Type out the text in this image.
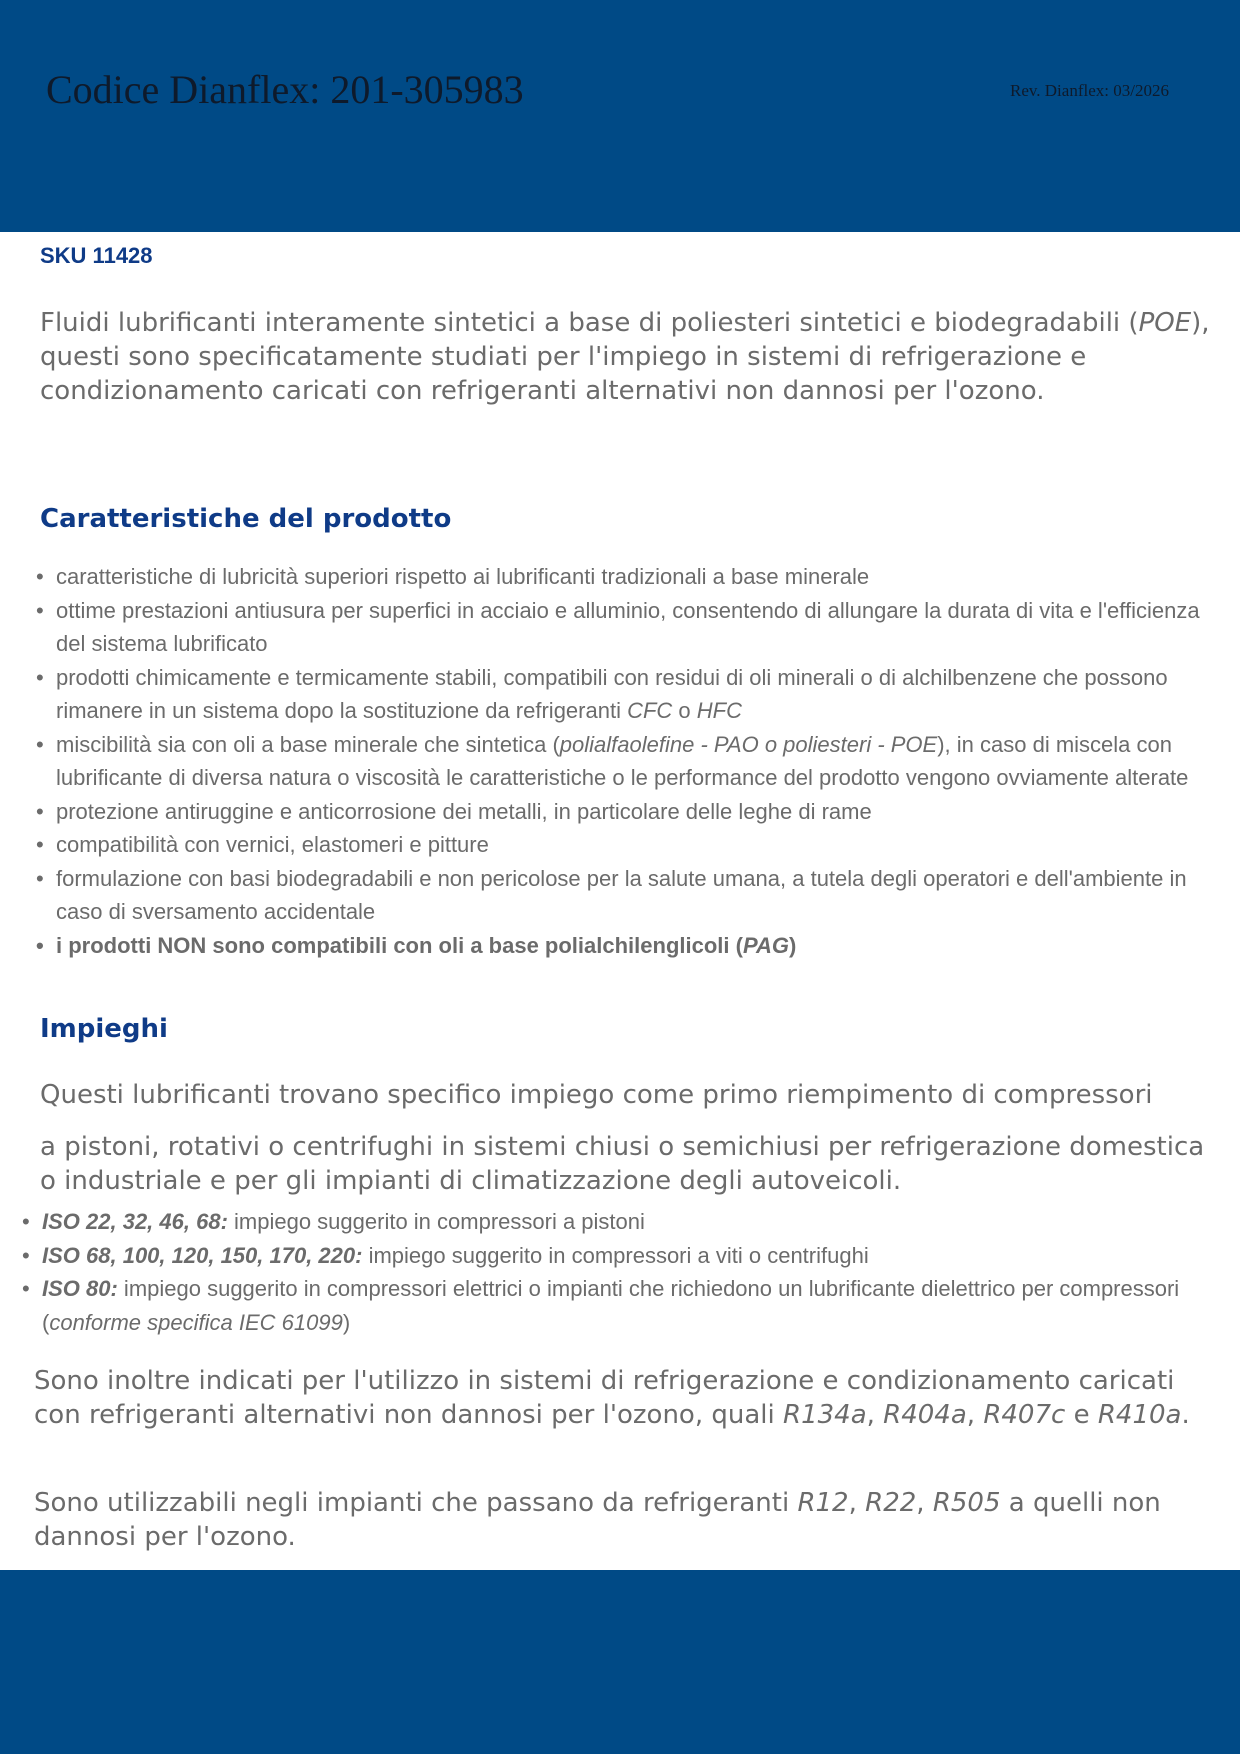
Codice Dianflex: 201-305983	Rev. Dianflex: 03/2026
SKU 11428

Fluidi lubrificanti interamente sintetici a base di poliesteri sintetici e biodegradabili (POE), questi sono specificatamente studiati per l'impiego in sistemi di refrigerazione e condizionamento caricati con refrigeranti alternativi non dannosi per l'ozono.

Caratteristiche del prodotto
• caratteristiche di lubricità superiori rispetto ai lubrificanti tradizionali a base minerale
• ottime prestazioni antiusura per superfici in acciaio e alluminio, consentendo di allungare la durata di vita e l'efficienza del sistema lubrificato
• prodotti chimicamente e termicamente stabili, compatibili con residui di oli minerali o di alchilbenzene che possono rimanere in un sistema dopo la sostituzione da refrigeranti CFC o HFC
• miscibilità sia con oli a base minerale che sintetica (polialfaolefine - PAO o poliesteri - POE), in caso di miscela con lubrificante di diversa natura o viscosità le caratteristiche o le performance del prodotto vengono ovviamente alterate
• protezione antiruggine e anticorrosione dei metalli, in particolare delle leghe di rame
• compatibilità con vernici, elastomeri e pitture
• formulazione con basi biodegradabili e non pericolose per la salute umana, a tutela degli operatori e dell'ambiente in caso di sversamento accidentale
• i prodotti NON sono compatibili con oli a base polialchilenglicoli (PAG)
Impieghi

Questi lubrificanti trovano specifico impiego come primo riempimento di compressori

a pistoni, rotativi o centrifughi in sistemi chiusi o semichiusi per refrigerazione domestica o industriale e per gli impianti di climatizzazione degli autoveicoli.

• ISO 22, 32, 46, 68: impiego suggerito in compressori a pistoni
• ISO 68, 100, 120, 150, 170, 220: impiego suggerito in compressori a viti o centrifughi
• ISO 80: impiego suggerito in compressori elettrici o impianti che richiedono un lubrificante dielettrico per compressori (conforme specifica IEC 61099)

Sono inoltre indicati per l'utilizzo in sistemi di refrigerazione e condizionamento caricati con refrigeranti alternativi non dannosi per l'ozono, quali R134a, R404a, R407c e R410a.

Sono utilizzabili negli impianti che passano da refrigeranti R12, R22, R505 a quelli non dannosi per l'ozono.
